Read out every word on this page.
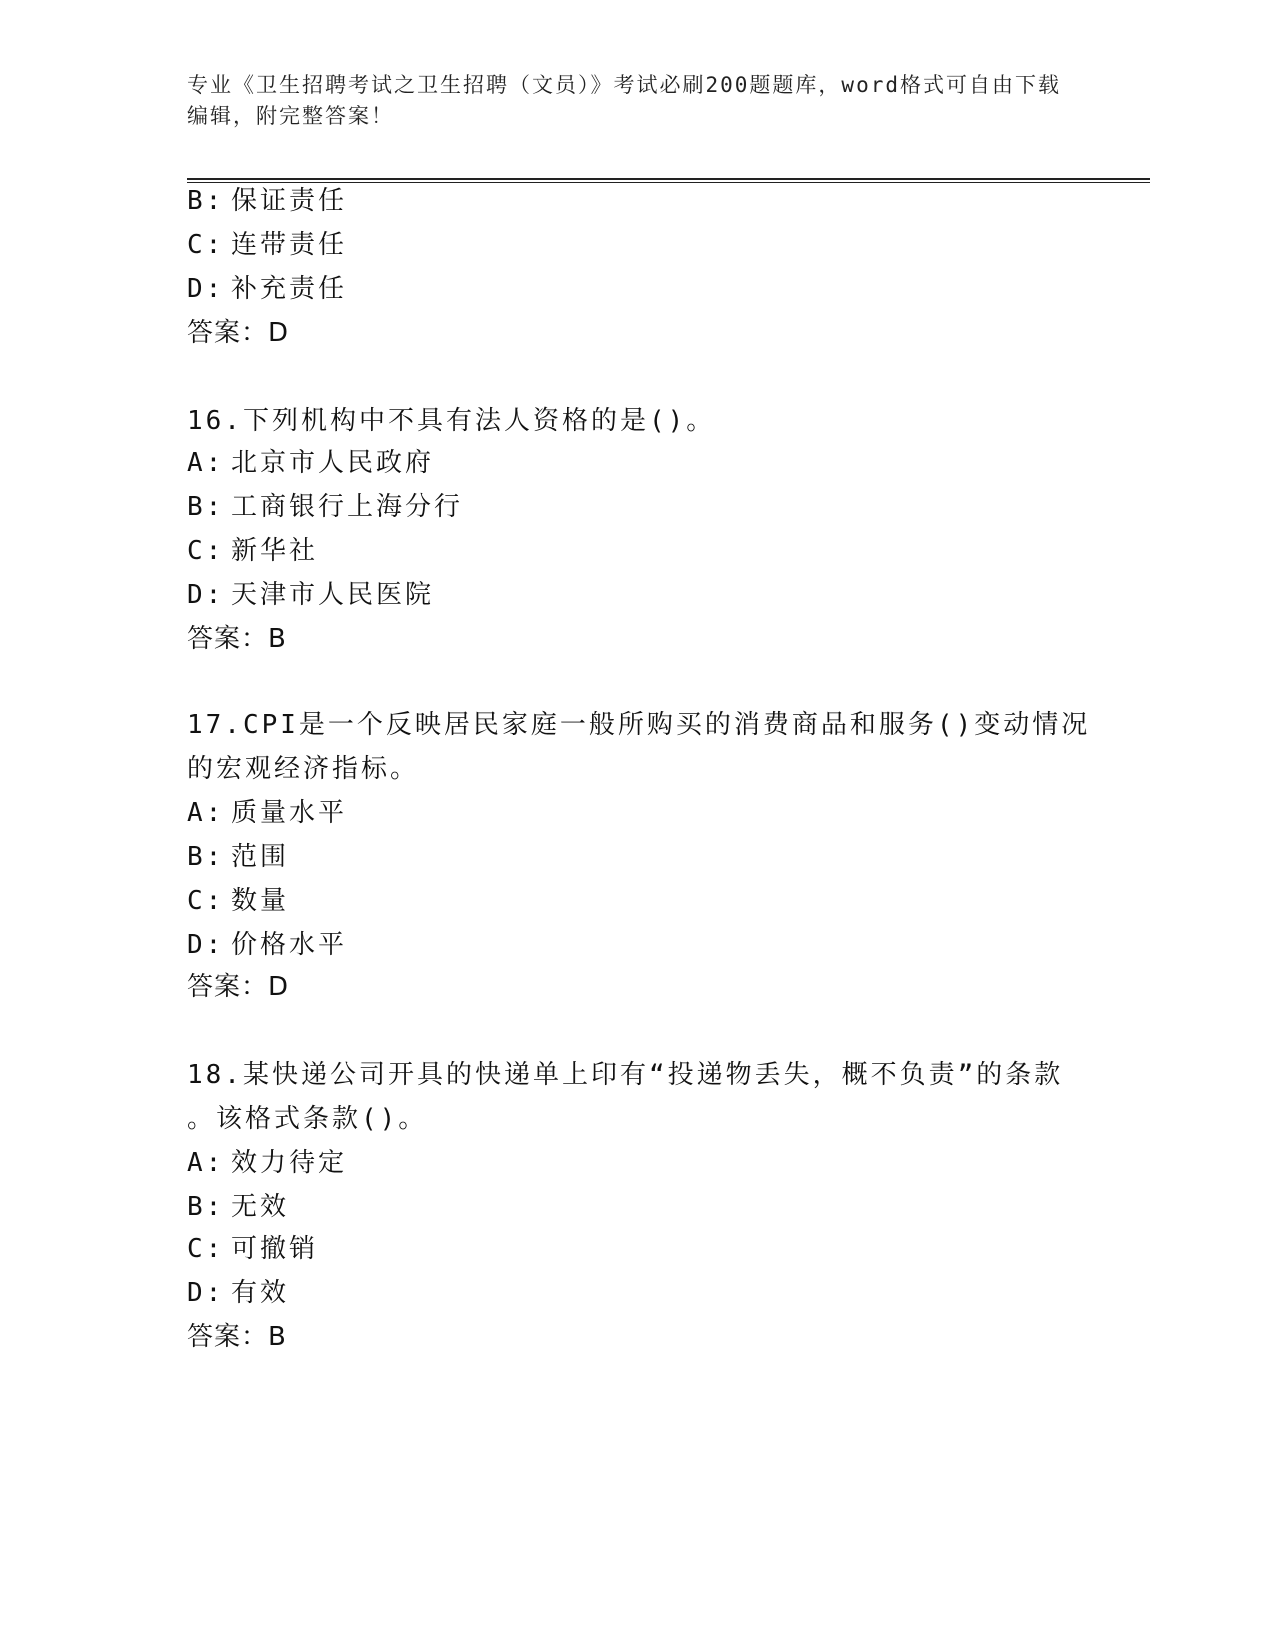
专业《卫生招聘考试之卫生招聘（文员）》考试必刷200题题库，word格式可自由下载编辑，附完整答案！
B: 保证责任
C: 连带责任
D: 补充责任
答案：D
16.下列机构中不具有法人资格的是()。
A: 北京市人民政府
B: 工商银行上海分行
C: 新华社
D: 天津市人民医院
答案：B
17.CPI是一个反映居民家庭一般所购买的消费商品和服务()变动情况
的宏观经济指标。
A: 质量水平
B: 范围
C: 数量
D: 价格水平
答案：D
18.某快递公司开具的快递单上印有“投递物丢失，概不负责”的条款
。该格式条款()。
A: 效力待定
B: 无效
C: 可撤销
D: 有效
答案：B
